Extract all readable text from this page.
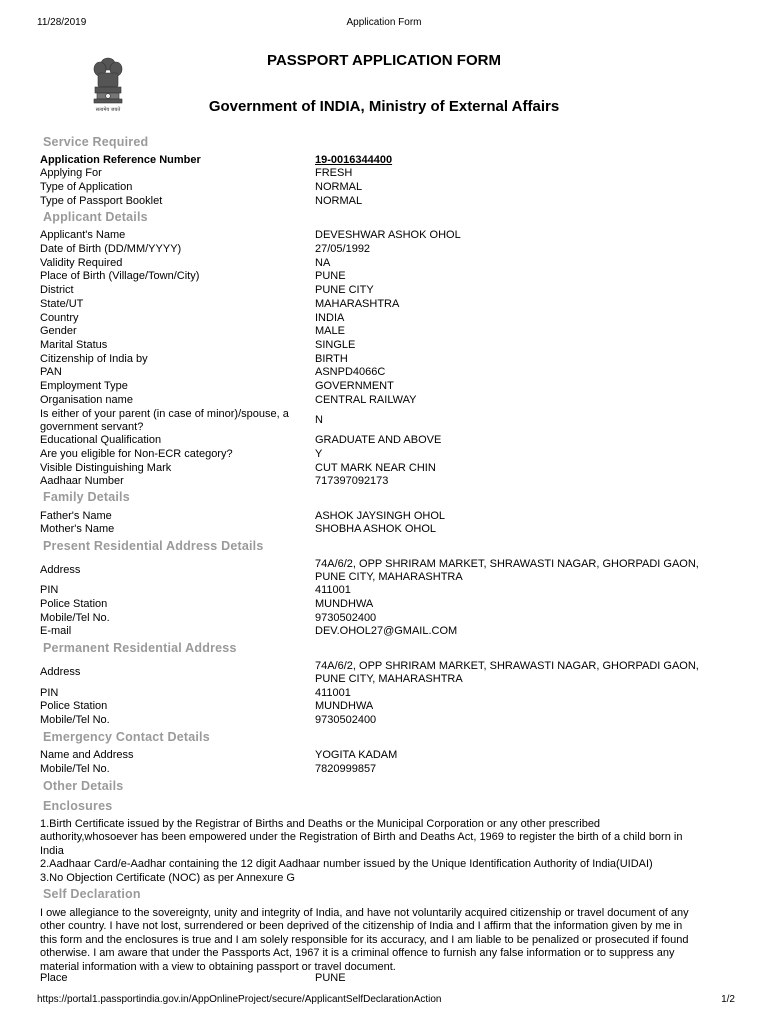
11/28/2019	Application Form
https://portal1.passportindia.gov.in/AppOnlineProject/secure/ApplicantSelfDeclarationAction	1/2
सत्यमेव जयते
PASSPORT APPLICATION FORM
Government of INDIA, Ministry of External Affairs
Service Required
Application Reference Number	19-0016344400
Applying For	FRESH
Type of Application	NORMAL
Type of Passport Booklet	NORMAL
Applicant Details
Applicant's Name	DEVESHWAR ASHOK OHOL
Date of Birth (DD/MM/YYYY)	27/05/1992
Validity Required	NA
Place of Birth (Village/Town/City)	PUNE
District	PUNE CITY
State/UT	MAHARASHTRA
Country	INDIA
Gender	MALE
Marital Status	SINGLE
Citizenship of India by	BIRTH
PAN	ASNPD4066C
Employment Type	GOVERNMENT
Organisation name	CENTRAL RAILWAY
Is either of your parent (in case of minor)/spouse, a	N
government servant?
Educational Qualification	GRADUATE AND ABOVE
Are you eligible for Non-ECR category?	Y
Visible Distinguishing Mark	CUT MARK NEAR CHIN
Aadhaar Number	717397092173
Family Details
Father's Name	ASHOK JAYSINGH OHOL
Mother's Name	SHOBHA ASHOK OHOL
Present Residential Address Details
Address	74A/6/2, OPP SHRIRAM MARKET, SHRAWASTI NAGAR, GHORPADI GAON,
PUNE CITY, MAHARASHTRA
PIN	411001
Police Station	MUNDHWA
Mobile/Tel No.	9730502400
E-mail	DEV.OHOL27@GMAIL.COM
Permanent Residential Address
Address	74A/6/2, OPP SHRIRAM MARKET, SHRAWASTI NAGAR, GHORPADI GAON,
PUNE CITY, MAHARASHTRA
PIN	411001
Police Station	MUNDHWA
Mobile/Tel No.	9730502400
Emergency Contact Details
Name and Address	YOGITA KADAM
Mobile/Tel No.	7820999857
Other Details
Enclosures
1.Birth Certificate issued by the Registrar of Births and Deaths or the Municipal Corporation or any other prescribed
authority,whosoever has been empowered under the Registration of Birth and Deaths Act, 1969 to register the birth of a child born in
India
2.Aadhaar Card/e-Aadhar containing the 12 digit Aadhaar number issued by the Unique Identification Authority of India(UIDAI)
3.No Objection Certificate (NOC) as per Annexure G
Self Declaration
I owe allegiance to the sovereignty, unity and integrity of India, and have not voluntarily acquired citizenship or travel document of any
other country. I have not lost, surrendered or been deprived of the citizenship of India and I affirm that the information given by me in
this form and the enclosures is true and I am solely responsible for its accuracy, and I am liable to be penalized or prosecuted if found
otherwise. I am aware that under the Passports Act, 1967 it is a criminal offence to furnish any false information or to suppress any
material information with a view to obtaining passport or travel document.
Place	PUNE
